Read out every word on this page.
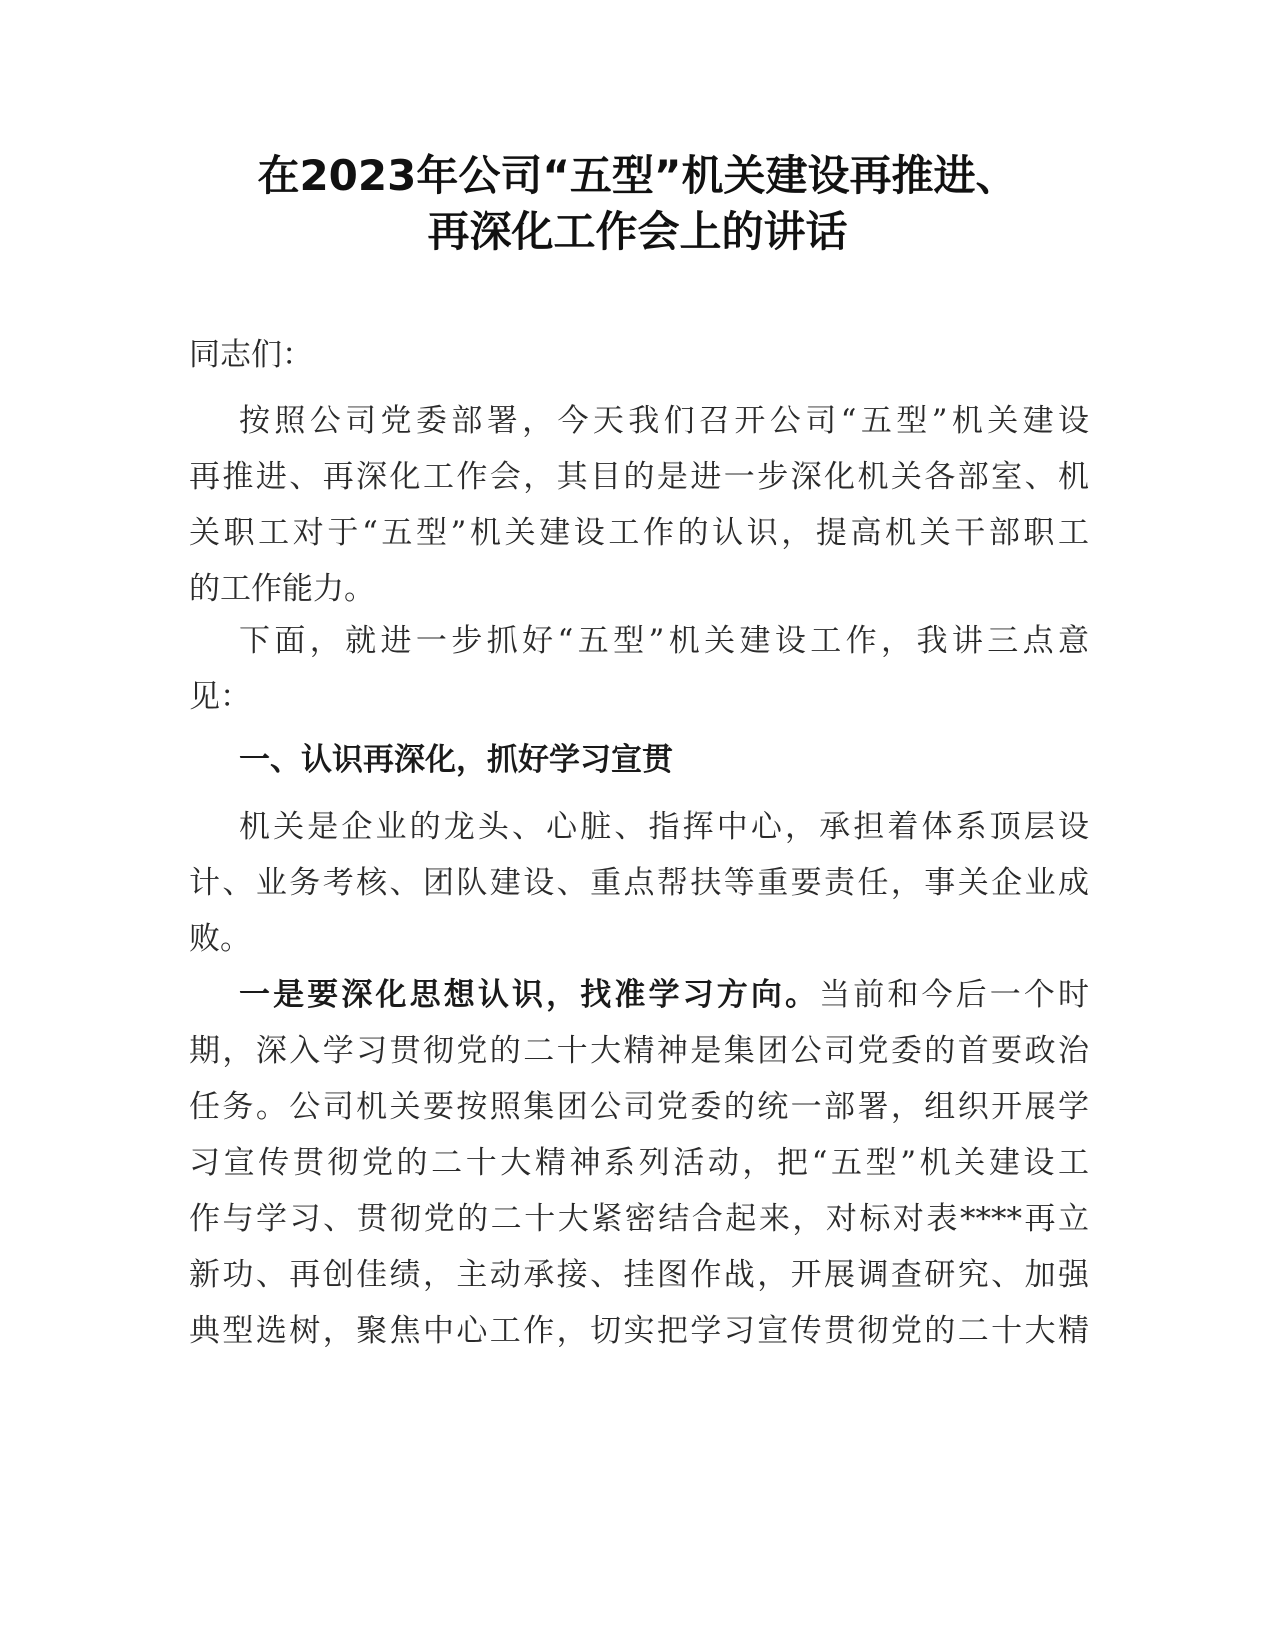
在2023年公司“五型”机关建设再推进、
再深化工作会上的讲话
同志们：
按照公司党委部署，今天我们召开公司“五型”机关建设
再推进、再深化工作会，其目的是进一步深化机关各部室、机
关职工对于“五型”机关建设工作的认识，提高机关干部职工
的工作能力。
下面，就进一步抓好“五型”机关建设工作，我讲三点意
见：
一、认识再深化，抓好学习宣贯
机关是企业的龙头、心脏、指挥中心，承担着体系顶层设
计、业务考核、团队建设、重点帮扶等重要责任，事关企业成
败。
一是要深化思想认识，找准学习方向。当前和今后一个时
期，深入学习贯彻党的二十大精神是集团公司党委的首要政治
任务。公司机关要按照集团公司党委的统一部署，组织开展学
习宣传贯彻党的二十大精神系列活动，把“五型”机关建设工
作与学习、贯彻党的二十大紧密结合起来，对标对表****再立
新功、再创佳绩，主动承接、挂图作战，开展调查研究、加强
典型选树，聚焦中心工作，切实把学习宣传贯彻党的二十大精
